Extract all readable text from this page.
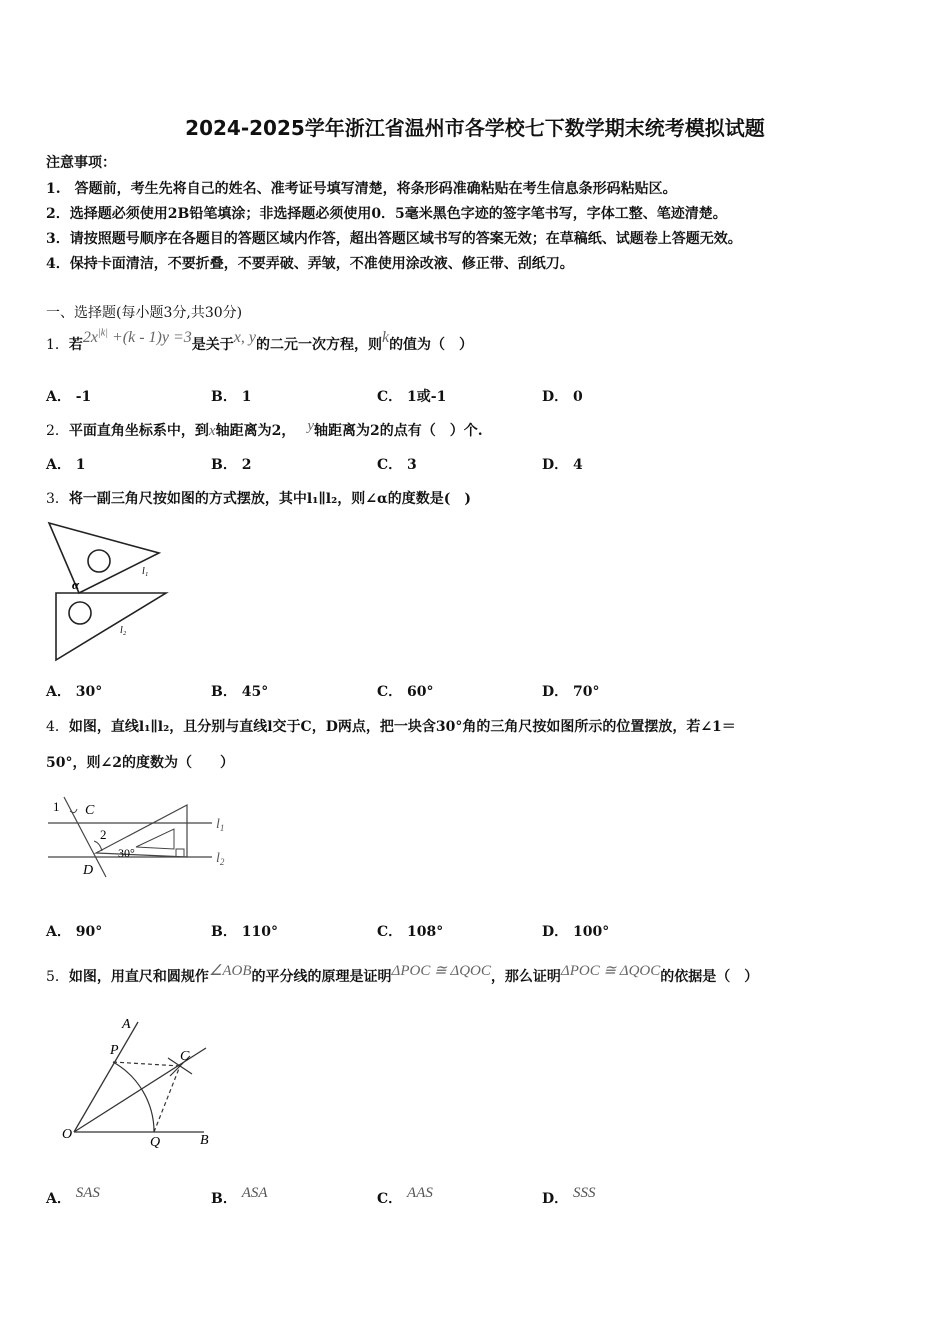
2024-2025学年浙江省温州市各学校七下数学期末统考模拟试题
注意事项：
1.　答题前，考生先将自己的姓名、准考证号填写清楚，将条形码准确粘贴在考生信息条形码粘贴区。
2．选择题必须使用2B铅笔填涂；非选择题必须使用0．5毫米黑色字迹的签字笔书写，字体工整、笔迹清楚。
3．请按照题号顺序在各题目的答题区域内作答，超出答题区域书写的答案无效；在草稿纸、试题卷上答题无效。
4．保持卡面清洁，不要折叠，不要弄破、弄皱，不准使用涂改液、修正带、刮纸刀。
一、选择题(每小题3分,共30分)
1．若$2x^{|k|} +(k - 1)y =3$是关于x, y的二元一次方程，则k的值为（　）
A． -1	B． 1	C． 1或-1	D． 0
2．平面直角坐标系中，到x轴距离为2， y轴距离为2的点有（　）个.
A． 1	B． 2	C． 3	D． 4
3．将一副三角尺按如图的方式摆放，其中l₁∥l₂，则∠α的度数是(　)
α
l₁
l₂
A． 30°	B． 45°	C． 60°	D． 70°
4．如图，直线l₁∥l₂，且分别与直线l交于C，D两点，把一块含30°角的三角尺按如图所示的位置摆放，若∠1＝
50°，则∠2的度数为（　　）
1 C
2
D
30°
$l_1$
$l_2$
A． 90°	B． 110°	C． 108°	D． 100°
5．如图，用直尺和圆规作∠AOB的平分线的原理是证明ΔPOC ≅ ΔQOC，那么证明ΔPOC ≅ ΔQOC的依据是（　）
A
P	C
O
Q	B
A． SAS	B． ASA	C． AAS	D． SSS
